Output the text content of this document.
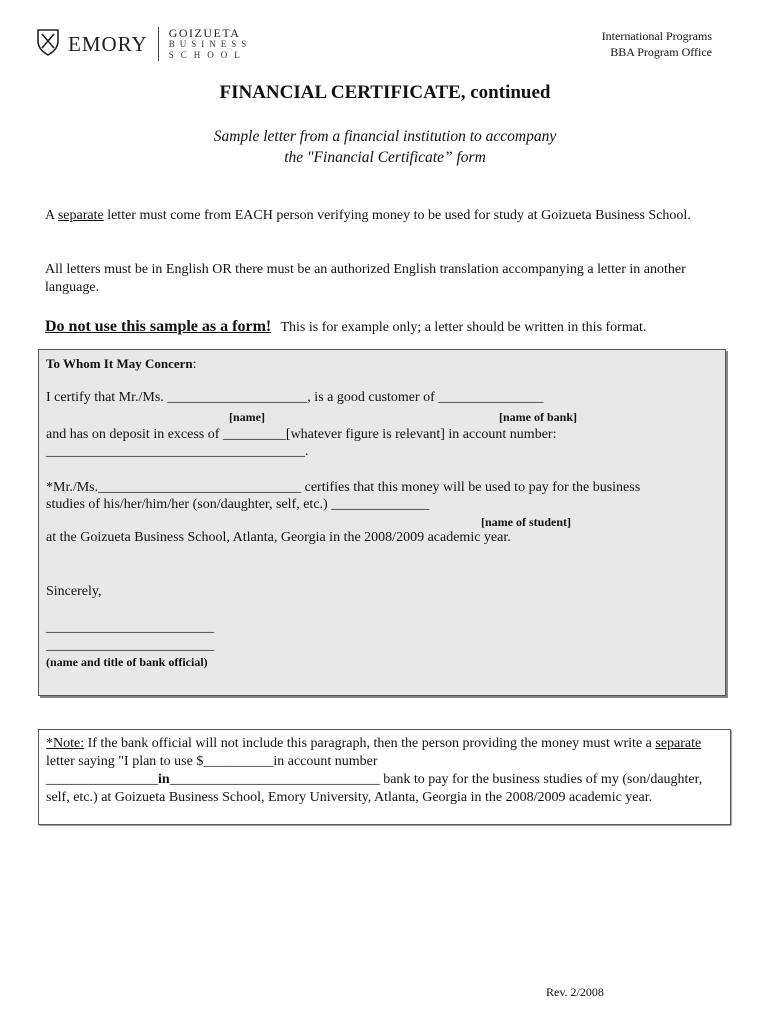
EMORY GOIZUETA
BUSINESS
SCHOOL
International Programs
BBA Program Office
FINANCIAL CERTIFICATE, continued
Sample letter from a financial institution to accompany
the "Financial Certificate” form
A separate letter must come from EACH person verifying money to be used for study at Goizueta Business School.
All letters must be in English OR there must be an authorized English translation accompanying a letter in another language.
Do not use this sample as a form! This is for example only; a letter should be written in this format.
To Whom It May Concern:
I certify that Mr./Ms. ____________________, is a good customer of _______________
[name]	[name of bank]
and has on deposit in excess of _________[whatever figure is relevant] in account number:
_____________________________________.
*Mr./Ms._____________________________ certifies that this money will be used to pay for the business
studies of his/her/him/her (son/daughter, self, etc.) ______________
[name of student]
at the Goizueta Business School, Atlanta, Georgia in the 2008/2009 academic year.
Sincerely,
________________________
________________________
(name and title of bank official)
*Note: If the bank official will not include this paragraph, then the person providing the money must write a separate letter saying "I plan to use $__________in account number
________________in______________________________ bank to pay for the business studies of my (son/daughter, self, etc.) at Goizueta Business School, Emory University, Atlanta, Georgia in the 2008/2009 academic year.
Rev. 2/2008
